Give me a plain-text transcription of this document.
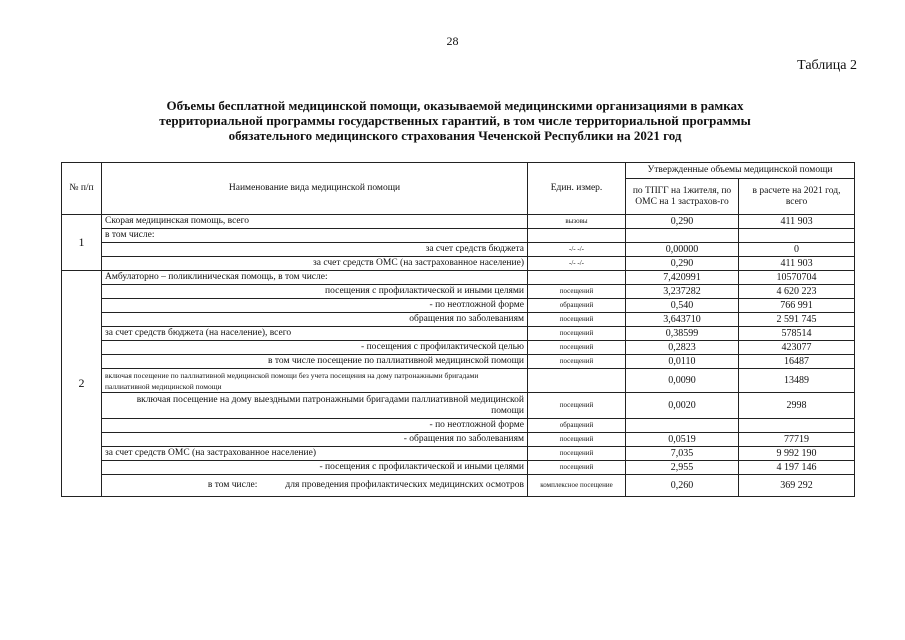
28
Таблица 2
Объемы бесплатной медицинской помощи, оказываемой медицинскими организациями в рамках
территориальной программы государственных гарантий, в том числе территориальной программы
обязательного медицинского страхования Чеченской Республики на 2021 год
№ п/п	Наименование вида медицинской помощи	Един. измер.	Утвержденные объемы медицинской помощи	
			по ТПГГ на 1жителя, по ОМС на 1 застрахов-го	в расчете на 2021 год, всего
1	Скорая медицинская помощь, всего	вызовы	0,290	411 903
	в том числе:			
	за счет средств бюджета	-/- -/-	0,00000	0
	за счет средств ОМС (на застрахованное население)	-/- -/-	0,290	411 903
2	Амбулаторно – поликлиническая помощь, в том числе:		7,420991	10570704
	посещения с профилактической и иными целями	посещений	3,237282	4 620 223
	- по неотложной форме	обращений	0,540	766 991
	обращения по заболеваниям	посещений	3,643710	2 591 745
	за счет средств бюджета (на население), всего	посещений	0,38599	578514
	- посещения с профилактической целью	посещений	0,2823	423077
	в том числе посещение по паллиативной медицинской помощи	посещений	0,0110	16487
	включая посещение по паллиативной медицинской помощи без учета посещения на дому патронажными бригадами паллиативной медицинской помощи		0,0090	13489
	включая посещение на дому выездными патронажными бригадами паллиативной медицинской помощи	посещений	0,0020	2998
	- по неотложной форме	обращений		
	- обращения по заболеваниям	посещений	0,0519	77719
	за счет средств ОМС (на застрахованное население)	посещений	7,035	9 992 190
	- посещения с профилактической и иными целями	посещений	2,955	4 197 146
	в том числе: для проведения профилактических медицинских осмотров	комплексное посещение	0,260	369 292
